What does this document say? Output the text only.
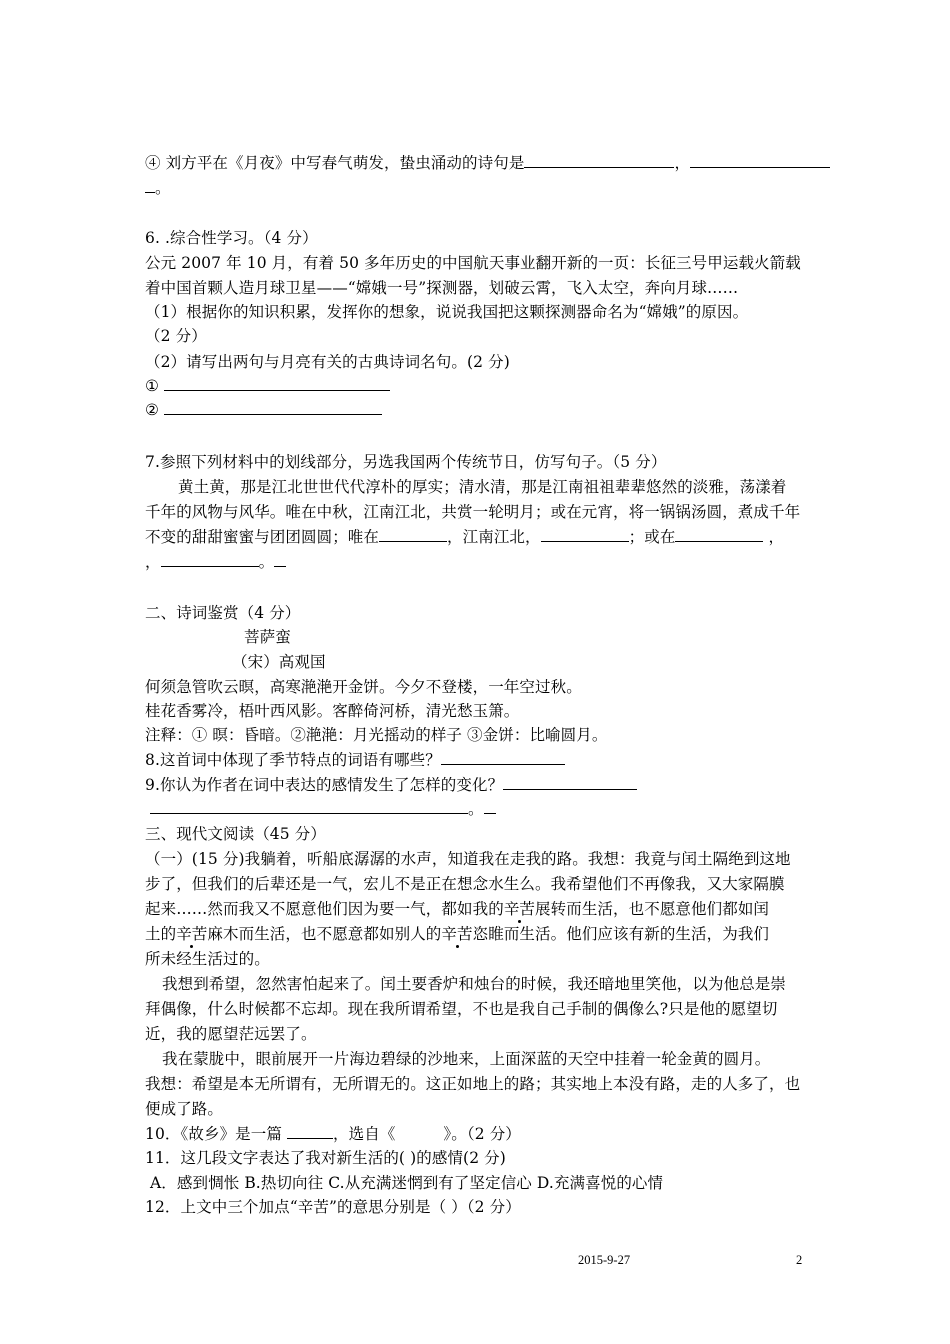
④ 刘方平在《月夜》中写春气萌发，蛰虫涌动的诗句是	，
。
6. .综合性学习。（4 分）
公元 2007 年 10 月，有着 50 多年历史的中国航天事业翻开新的一页：长征三号甲运载火箭载
着中国首颗人造月球卫星——“嫦娥一号”探测器，划破云霄，飞入太空，奔向月球……
（1）根据你的知识积累，发挥你的想象，说说我国把这颗探测器命名为“嫦娥”的原因。
（2 分）
（2）请写出两句与月亮有关的古典诗词名句。(2 分)
①
②
7.参照下列材料中的划线部分，另选我国两个传统节日，仿写句子。（5 分）
黄土黄，那是江北世世代代淳朴的厚实；清水清，那是江南祖祖辈辈悠然的淡雅，荡漾着
千年的风物与风华。唯在中秋，江南江北，共赏一轮明月；或在元宵，将一锅锅汤圆，煮成千年
不变的甜甜蜜蜜与团团圆圆；唯在	，江南江北，	；或在	，
，	。
二、诗词鉴赏（4 分）
菩萨蛮
（宋）高观国
何须急管吹云暝，高寒滟滟开金饼。今夕不登楼，一年空过秋。
桂花香雾冷，梧叶西风影。客醉倚河桥，清光愁玉箫。
注释：① 暝：昏暗。②滟滟：月光摇动的样子 ③金饼：比喻圆月。
8.这首词中体现了季节特点的词语有哪些？
9.你认为作者在词中表达的感情发生了怎样的变化？
。
三、现代文阅读（45 分）
（一）(15 分)我躺着，听船底潺潺的水声，知道我在走我的路。我想：我竟与闰土隔绝到这地
步了，但我们的后辈还是一气，宏儿不是正在想念水生么。我希望他们不再像我，又大家隔膜
起来……然而我又不愿意他们因为要一气，都如我的辛苦展转而生活，也不愿意他们都如闰
土的辛苦麻木而生活，也不愿意都如别人的辛苦恣睢而生活。他们应该有新的生活，为我们
所未经生活过的。
我想到希望，忽然害怕起来了。闰土要香炉和烛台的时候，我还暗地里笑他，以为他总是崇
拜偶像，什么时候都不忘却。现在我所谓希望，不也是我自己手制的偶像么?只是他的愿望切
近，我的愿望茫远罢了。
我在蒙胧中，眼前展开一片海边碧绿的沙地来，上面深蓝的天空中挂着一轮金黄的圆月。
我想：希望是本无所谓有，无所谓无的。这正如地上的路；其实地上本没有路，走的人多了，也
便成了路。
10．《故乡》是一篇	，选自《	》。（2 分）
11．这几段文字表达了我对新生活的( )的感情(2 分)
A．感到惆怅 B.热切向往 C.从充满迷惘到有了坚定信心 D.充满喜悦的心情
12．上文中三个加点“辛苦”的意思分别是（ ）（2 分）
2015-9-27	2
